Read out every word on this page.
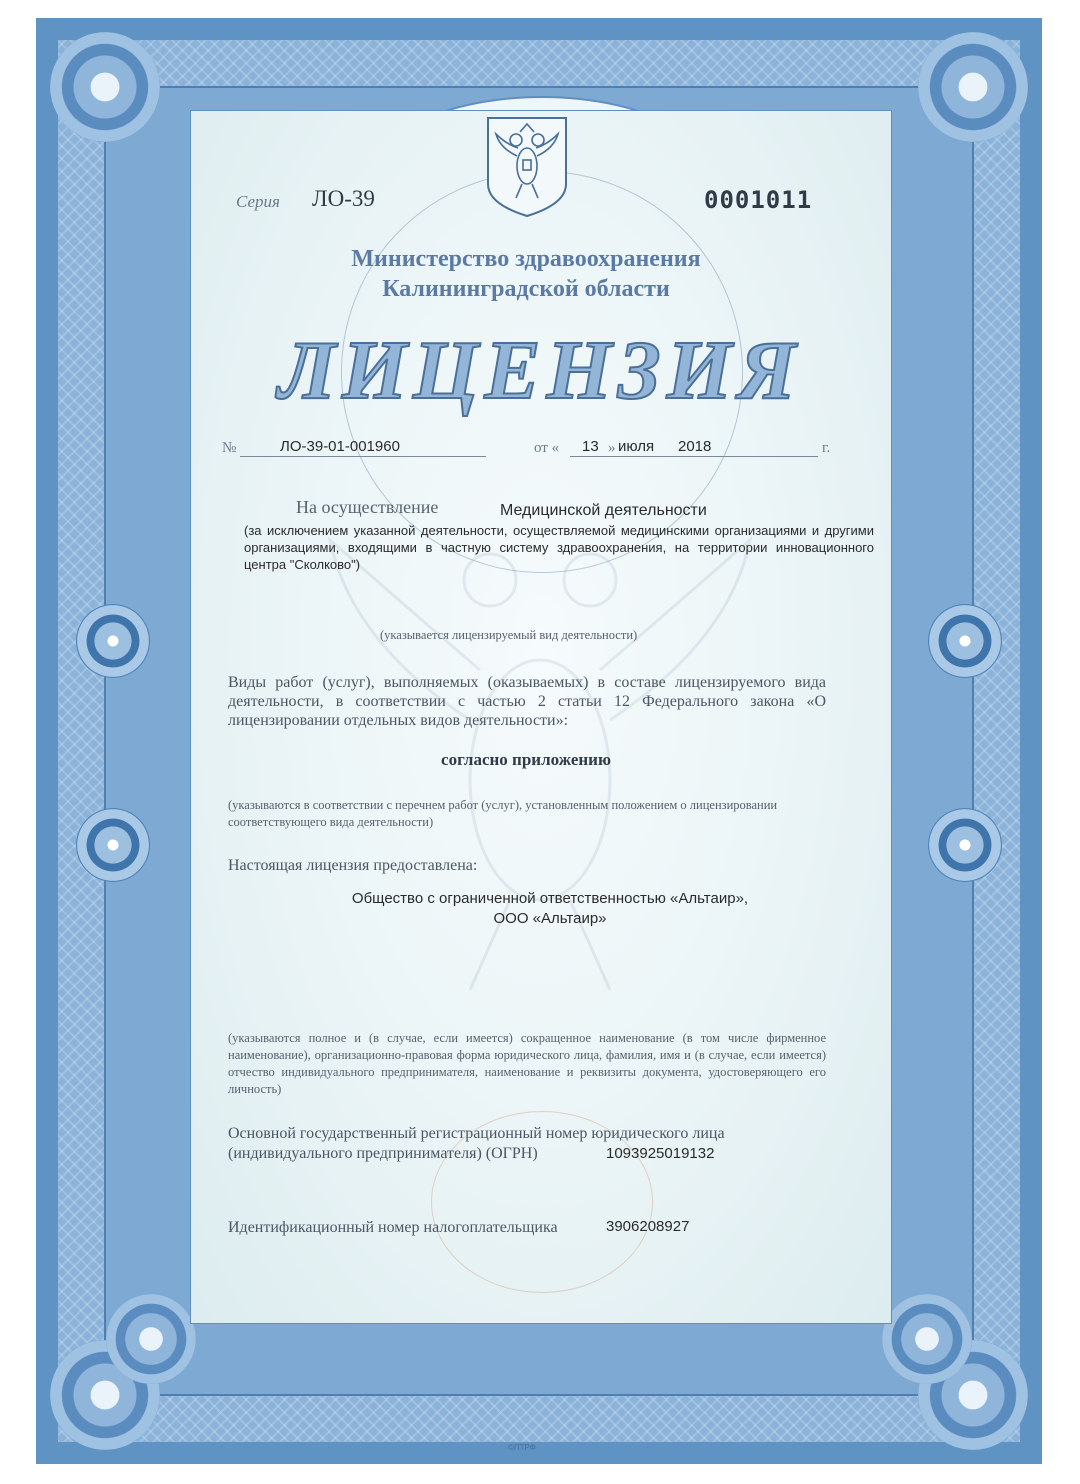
Серия ЛО-39	0001011
Министерство здравоохранения
Калининградской области
ЛИЦЕНЗИЯ
№	ЛО-39-01-001960	от « 13 » июля 2018	г.
На осуществление	Медицинской деятельности
(за исключением указанной деятельности, осуществляемой медицинскими организациями и другими организациями, входящими в частную систему здравоохранения, на территории инновационного центра "Сколково")
(указывается лицензируемый вид деятельности)
Виды работ (услуг), выполняемых (оказываемых) в составе лицензируемого вида деятельности, в соответствии с частью 2 статьи 12 Федерального закона «О лицензировании отдельных видов деятельности»:
согласно приложению
(указываются в соответствии с перечнем работ (услуг), установленным положением о лицензировании соответствующего вида деятельности)
Настоящая лицензия предоставлена:
Общество с ограниченной ответственностью «Альтаир»,
ООО «Альтаир»
(указываются полное и (в случае, если имеется) сокращенное наименование (в том числе фирменное наименование), организационно-правовая форма юридического лица, фамилия, имя и (в случае, если имеется) отчество индивидуального предпринимателя, наименование и реквизиты документа, удостоверяющего его личность)
Основной государственный регистрационный номер юридического лица
(индивидуального предпринимателя) (ОГРН)	1093925019132
Идентификационный номер налогоплательщика	3906208927
©ПТРФ
